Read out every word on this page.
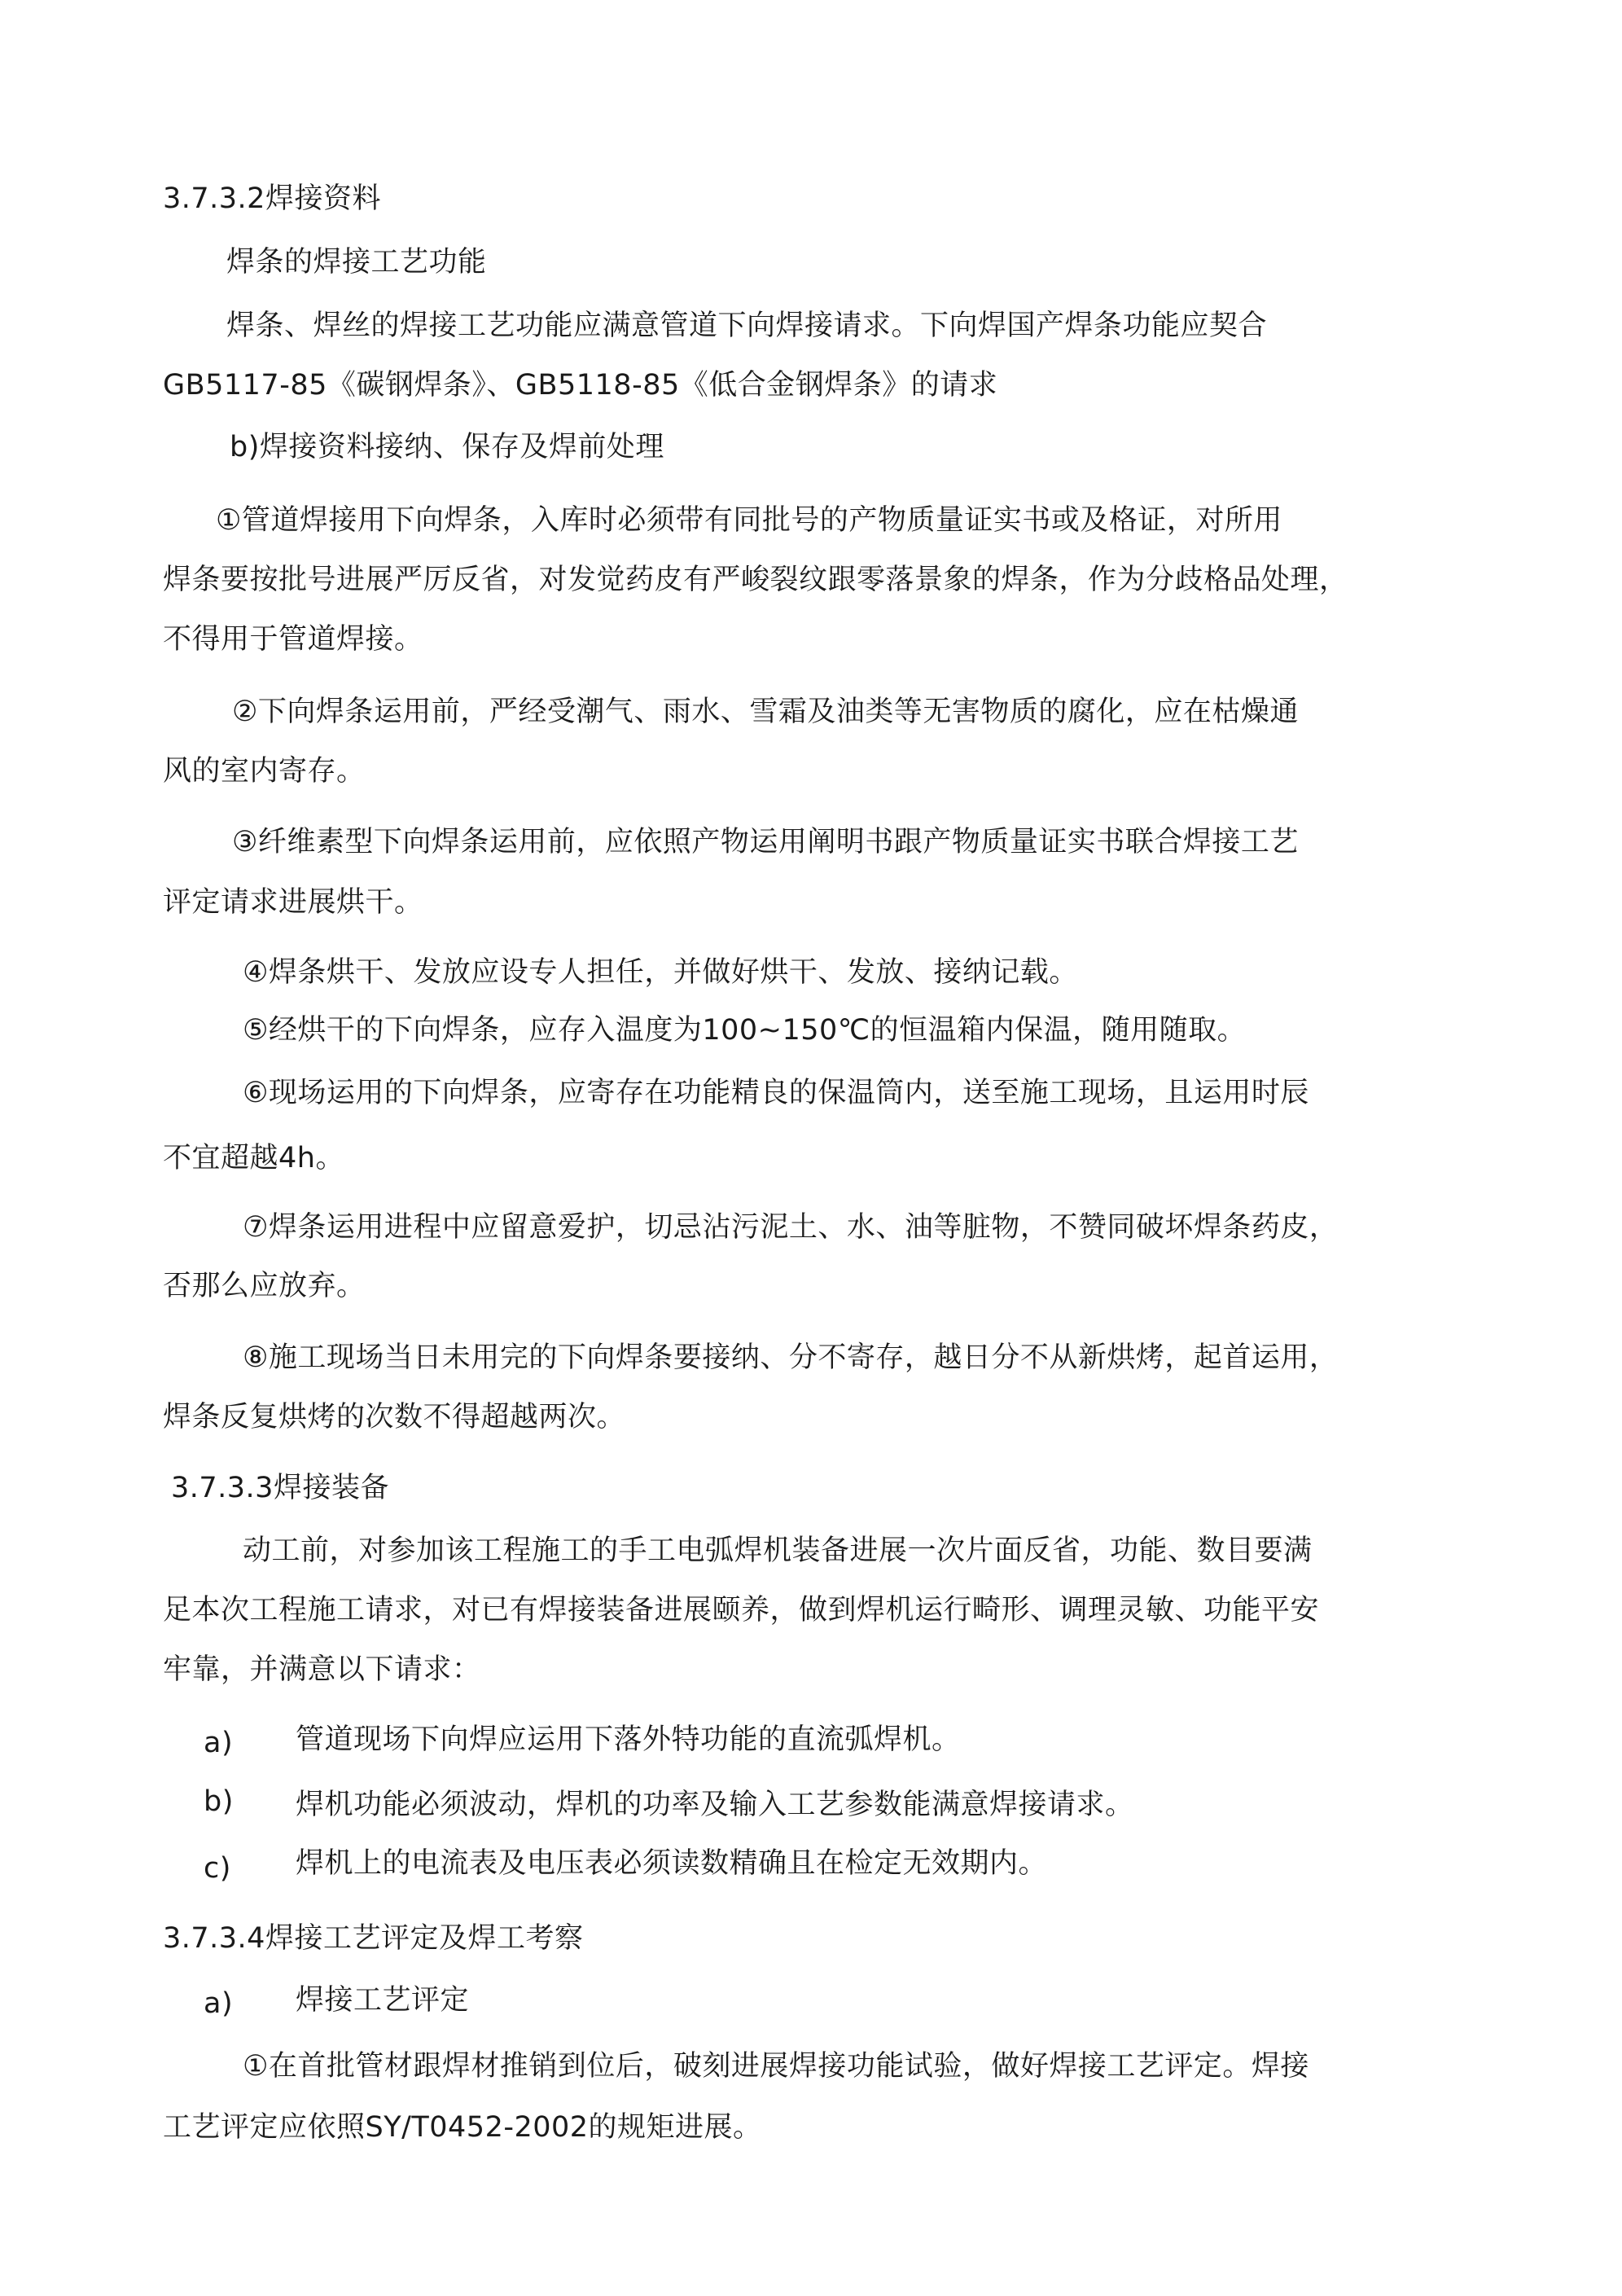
3.7.3.2焊接资料
焊条的焊接工艺功能
焊条、焊丝的焊接工艺功能应满意管道下向焊接请求。下向焊国产焊条功能应契合
GB5117-85《碳钢焊条》、GB5118-85《低合金钢焊条》的请求
b)焊接资料接纳、保存及焊前处理
①管道焊接用下向焊条，入库时必须带有同批号的产物质量证实书或及格证，对所用
焊条要按批号进展严厉反省，对发觉药皮有严峻裂纹跟零落景象的焊条，作为分歧格品处理，
不得用于管道焊接。
②下向焊条运用前，严经受潮气、雨水、雪霜及油类等无害物质的腐化，应在枯燥通
风的室内寄存。
③纤维素型下向焊条运用前，应依照产物运用阐明书跟产物质量证实书联合焊接工艺
评定请求进展烘干。
④焊条烘干、发放应设专人担任，并做好烘干、发放、接纳记载。
⑤经烘干的下向焊条，应存入温度为100~150℃的恒温箱内保温，随用随取。
⑥现场运用的下向焊条，应寄存在功能精良的保温筒内，送至施工现场，且运用时辰
不宜超越4h。
⑦焊条运用进程中应留意爱护，切忌沾污泥土、水、油等脏物，不赞同破坏焊条药皮，
否那么应放弃。
⑧施工现场当日未用完的下向焊条要接纳、分不寄存，越日分不从新烘烤，起首运用，
焊条反复烘烤的次数不得超越两次。
3.7.3.3焊接装备
动工前，对参加该工程施工的手工电弧焊机装备进展一次片面反省，功能、数目要满
足本次工程施工请求，对已有焊接装备进展颐养，做到焊机运行畸形、调理灵敏、功能平安
牢靠，并满意以下请求：
a) 管道现场下向焊应运用下落外特功能的直流弧焊机。
b) 焊机功能必须波动，焊机的功率及输入工艺参数能满意焊接请求。
c) 焊机上的电流表及电压表必须读数精确且在检定无效期内。
3.7.3.4焊接工艺评定及焊工考察
a) 焊接工艺评定
①在首批管材跟焊材推销到位后，破刻进展焊接功能试验，做好焊接工艺评定。焊接
工艺评定应依照SY/T0452-2002的规矩进展。
